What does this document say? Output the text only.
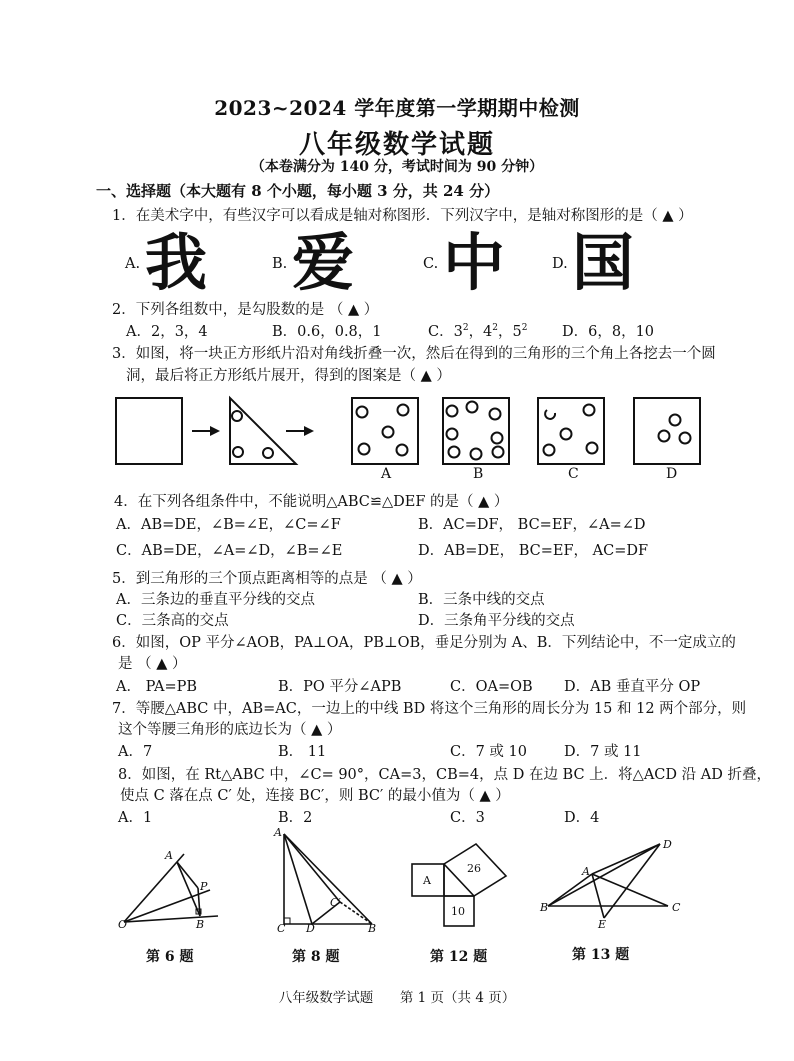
2023~2024 学年度第一学期期中检测
八年级数学试题
（本卷满分为 140 分，考试时间为 90 分钟）
一、选择题（本大题有 8 个小题，每小题 3 分，共 24 分）
1．在美术字中，有些汉字可以看成是轴对称图形．下列汉字中，是轴对称图形的是（ ▲ ）
A. 我	B. 爱	C. 中	D. 国
2．下列各组数中，是勾股数的是 （ ▲ ）
A．2，3，4	B．0.6，0.8，1	C．$3^2$，$4^2$，$5^2$ D．6，8，10
3．如图，将一块正方形纸片沿对角线折叠一次，然后在得到的三角形的三个角上各挖去一个圆
洞，最后将正方形纸片展开，得到的图案是（ ▲ ）
A	B	C	D
4．在下列各组条件中，不能说明△ABC≌△DEF 的是（ ▲ ）
A．AB=DE，∠B=∠E，∠C=∠F	B．AC=DF， BC=EF，∠A=∠D
C．AB=DE，∠A=∠D，∠B=∠E	D．AB=DE， BC=EF， AC=DF
5．到三角形的三个顶点距离相等的点是 （ ▲ ）
A．三条边的垂直平分线的交点	B．三条中线的交点
C．三条高的交点	D．三条角平分线的交点
6．如图，OP 平分∠AOB，PA⊥OA，PB⊥OB，垂足分别为 A、B．下列结论中，不一定成立的
是 （ ▲ ）
A． PA=PB	B．PO 平分∠APB	C．OA=OB D．AB 垂直平分 OP
7．等腰△ABC 中，AB=AC，一边上的中线 BD 将这个三角形的周长分为 15 和 12 两个部分，则
这个等腰三角形的底边长为（ ▲ ）
A．7	B． 11	C．7 或 10	D．7 或 11
8．如图，在 Rt△ABC 中，∠C= 90°，CA=3，CB=4，点 D 在边 BC 上．将△ACD 沿 AD 折叠，
使点 C 落在点 C′ 处，连接 BC′，则 BC′ 的最小值为（ ▲ ）
A．1	B．2	C．3	D．4
A
P
O	B
第 6 题
A
C D	B
C′
第 8 题
A
26
10
第 12 题
A
D
B
E
C
第 13 题
八年级数学试题 第 1 页（共 4 页）
